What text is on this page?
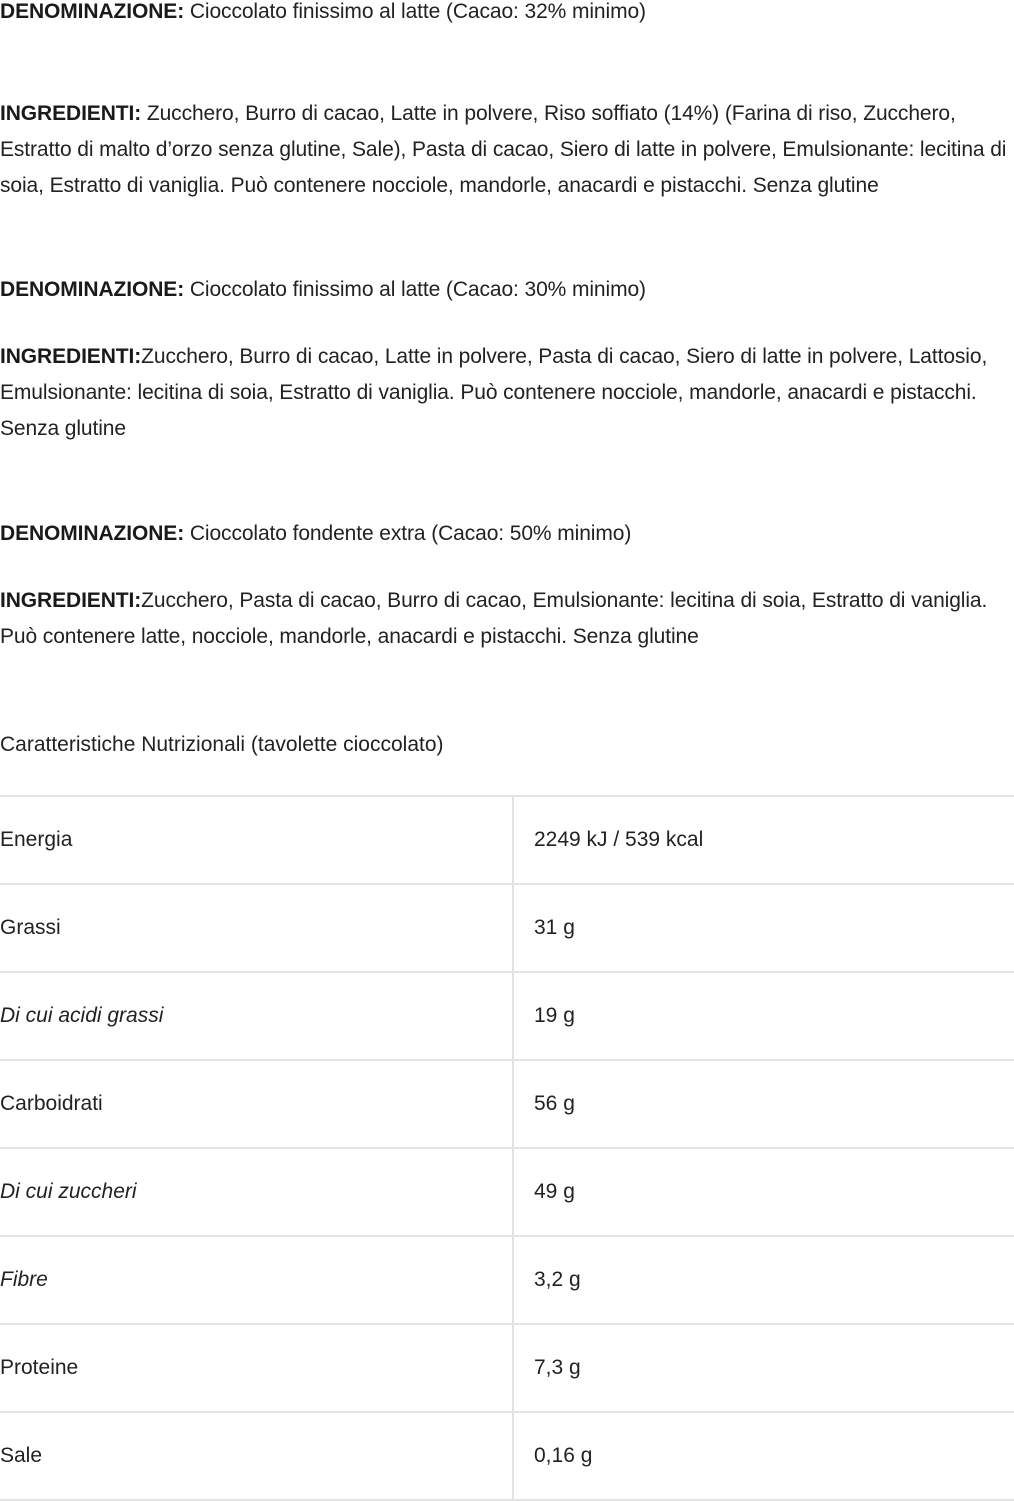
DENOMINAZIONE: Cioccolato finissimo al latte (Cacao: 32% minimo)

INGREDIENTI: Zucchero, Burro di cacao, Latte in polvere, Riso soffiato (14%) (Farina di riso, Zucchero, Estratto di malto d’orzo senza glutine, Sale), Pasta di cacao, Siero di latte in polvere, Emulsionante: lecitina di soia, Estratto di vaniglia. Può contenere nocciole, mandorle, anacardi e pistacchi. Senza glutine

DENOMINAZIONE: Cioccolato finissimo al latte (Cacao: 30% minimo)

INGREDIENTI:Zucchero, Burro di cacao, Latte in polvere, Pasta di cacao, Siero di latte in polvere, Lattosio, Emulsionante: lecitina di soia, Estratto di vaniglia. Può contenere nocciole, mandorle, anacardi e pistacchi. Senza glutine

DENOMINAZIONE: Cioccolato fondente extra (Cacao: 50% minimo)

INGREDIENTI:Zucchero, Pasta di cacao, Burro di cacao, Emulsionante: lecitina di soia, Estratto di vaniglia. Può contenere latte, nocciole, mandorle, anacardi e pistacchi. Senza glutine

Caratteristiche Nutrizionali (tavolette cioccolato)

Energia	2249 kJ / 539 kcal
Grassi	31 g
Di cui acidi grassi	19 g
Carboidrati	56 g
Di cui zuccheri	49 g
Fibre	3,2 g
Proteine	7,3 g
Sale	0,16 g
